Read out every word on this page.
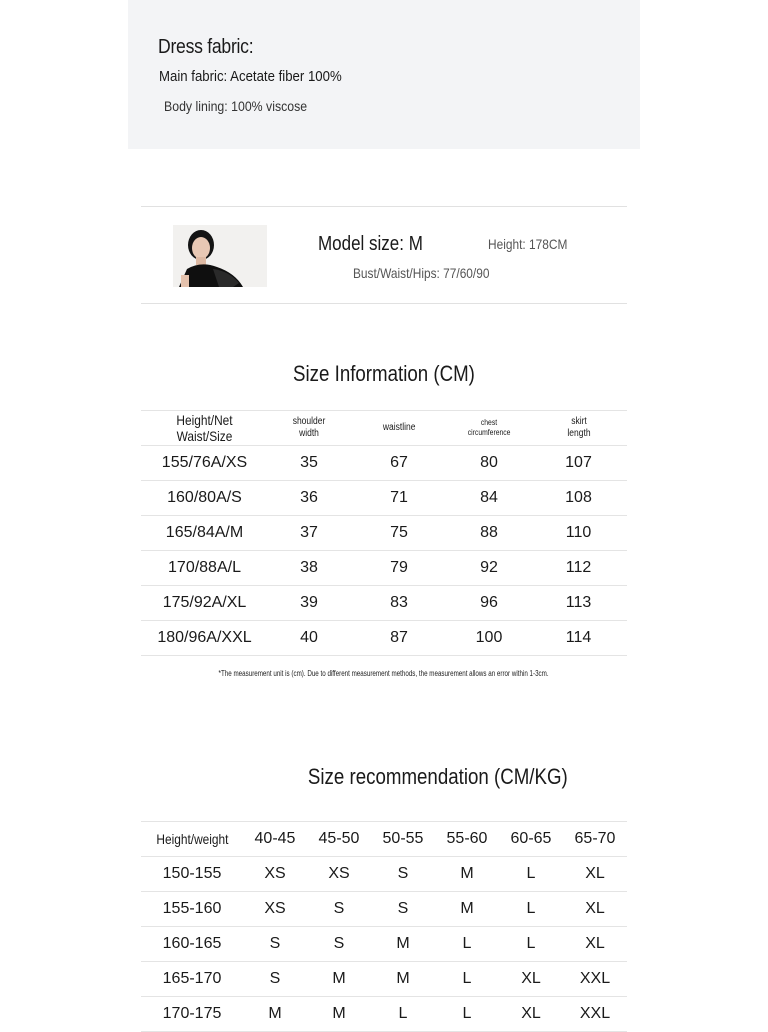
Dress fabric:
Main fabric: Acetate fiber 100%
Body lining: 100% viscose
Model size: M	Height: 178CM
Bust/Waist/Hips: 77/60/90
Size Information (CM)
Height/Net Waist/Size	shoulder width	waistline	chest circumference	skirt length
155/76A/XS	35	67	80	107
160/80A/S	36	71	84	108
165/84A/M	37	75	88	110
170/88A/L	38	79	92	112
175/92A/XL	39	83	96	113
180/96A/XXL	40	87	100	114
*The measurement unit is (cm). Due to different measurement methods, the measurement allows an error within 1-3cm.
Size recommendation (CM/KG)
Height/weight	40-45	45-50	50-55	55-60	60-65	65-70
150-155	XS	XS	S	M	L	XL
155-160	XS	S	S	M	L	XL
160-165	S	S	M	L	L	XL
165-170	S	M	M	L	XL	XXL
170-175	M	M	L	L	XL	XXL
